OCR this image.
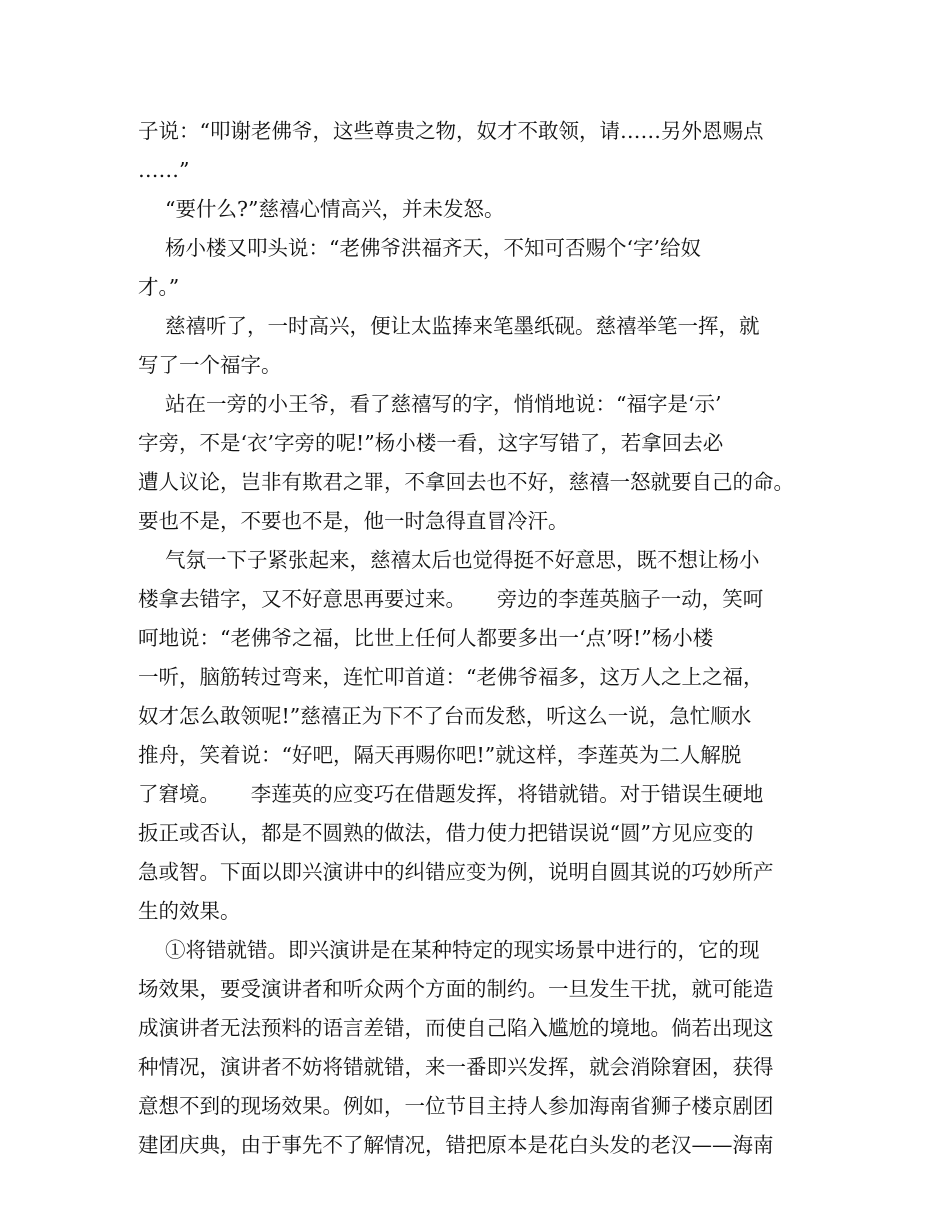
子说：“叩谢老佛爷，这些尊贵之物，奴才不敢领，请……另外恩赐点
……”
“要什么?”慈禧心情高兴，并未发怒。
杨小楼又叩头说：“老佛爷洪福齐天，不知可否赐个‘字’给奴
才。”
慈禧听了，一时高兴，便让太监捧来笔墨纸砚。慈禧举笔一挥，就
写了一个福字。
站在一旁的小王爷，看了慈禧写的字，悄悄地说：“福字是‘示’
字旁，不是‘衣’字旁的呢!”杨小楼一看，这字写错了，若拿回去必
遭人议论，岂非有欺君之罪，不拿回去也不好，慈禧一怒就要自己的命。
要也不是，不要也不是，他一时急得直冒冷汗。
气氛一下子紧张起来，慈禧太后也觉得挺不好意思，既不想让杨小
楼拿去错字，又不好意思再要过来。　　旁边的李莲英脑子一动，笑呵
呵地说：“老佛爷之福，比世上任何人都要多出一‘点’呀!”杨小楼
一听，脑筋转过弯来，连忙叩首道：“老佛爷福多，这万人之上之福，
奴才怎么敢领呢!”慈禧正为下不了台而发愁，听这么一说，急忙顺水
推舟，笑着说：“好吧，隔天再赐你吧!”就这样，李莲英为二人解脱
了窘境。　　李莲英的应变巧在借题发挥，将错就错。对于错误生硬地
扳正或否认，都是不圆熟的做法，借力使力把错误说“圆”方见应变的
急或智。下面以即兴演讲中的纠错应变为例，说明自圆其说的巧妙所产
生的效果。
①将错就错。即兴演讲是在某种特定的现实场景中进行的，它的现
场效果，要受演讲者和听众两个方面的制约。一旦发生干扰，就可能造
成演讲者无法预料的语言差错，而使自己陷入尴尬的境地。倘若出现这
种情况，演讲者不妨将错就错，来一番即兴发挥，就会消除窘困，获得
意想不到的现场效果。例如，一位节目主持人参加海南省狮子楼京剧团
建团庆典，由于事先不了解情况，错把原本是花白头发的老汉——海南
